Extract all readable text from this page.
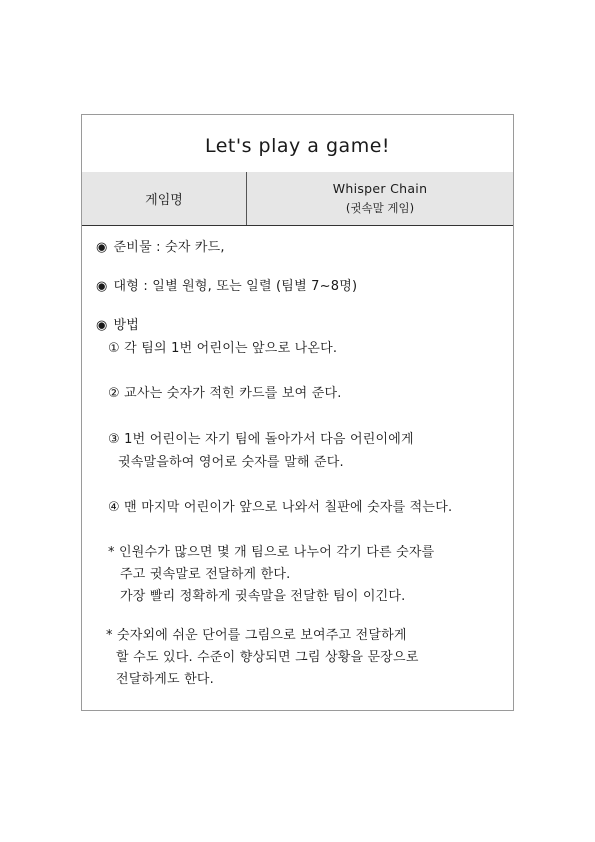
Let's play a game!
게임명
Whisper Chain
(귓속말 게임)
◉ 준비물 : 숫자 카드,
◉ 대형 : 일별 원형, 또는 일렬 (팀별 7~8명)
◉ 방법
① 각 팀의 1번 어린이는 앞으로 나온다.
② 교사는 숫자가 적힌 카드를 보여 준다.
③ 1번 어린이는 자기 팀에 돌아가서 다음 어린이에게
귓속말을하여 영어로 숫자를 말해 준다.
④ 맨 마지막 어린이가 앞으로 나와서 칠판에 숫자를 적는다.
* 인원수가 많으면 몇 개 팀으로 나누어 각기 다른 숫자를
주고 귓속말로 전달하게 한다.
가장 빨리 정확하게 귓속말을 전달한 팀이 이긴다.
* 숫자외에 쉬운 단어를 그림으로 보여주고 전달하게
할 수도 있다. 수준이 향상되면 그림 상황을 문장으로
전달하게도 한다.
